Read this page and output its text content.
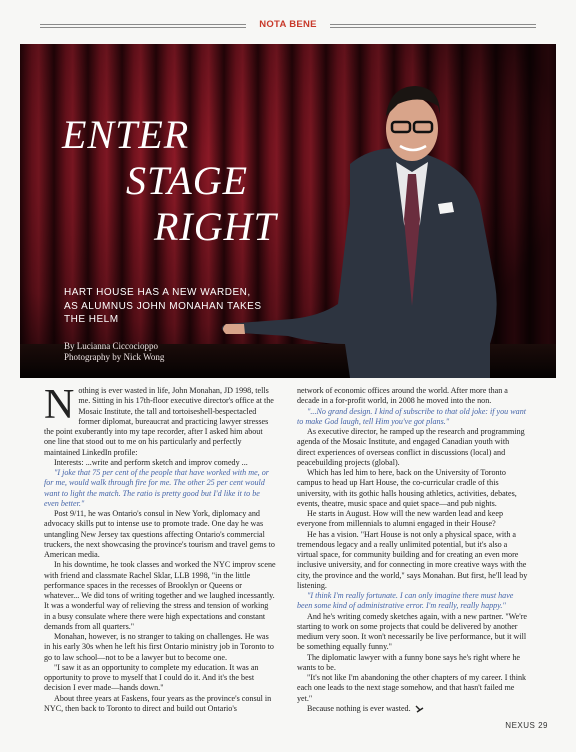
NOTA BENE
ENTER
STAGE
RIGHT
HART HOUSE HAS A NEW WARDEN, AS ALUMNUS JOHN MONAHAN TAKES THE HELM
By Lucianna Ciccocioppo
Photography by Nick Wong

Nothing is ever wasted in life, John Monahan, JD 1998, tells me. Sitting in his 17th-floor executive director's office at the Mosaic Institute, the tall and tortoiseshell-bespectacled former diplomat, bureaucrat and practicing lawyer stresses the point exuberantly into my tape recorder, after I asked him about one line that stood out to me on his particularly and perfectly maintained LinkedIn profile:

Interests: ...write and perform sketch and improv comedy ...

"I joke that 75 per cent of the people that have worked with me, or for me, would walk through fire for me. The other 25 per cent would want to light the match. The ratio is pretty good but I'd like it to be even better."

Post 9/11, he was Ontario's consul in New York, diplomacy and advocacy skills put to intense use to promote trade. One day he was untangling New Jersey tax questions affecting Ontario's commercial truckers, the next showcasing the province's tourism and travel gems to American media.

In his downtime, he took classes and worked the NYC improv scene with friend and classmate Rachel Sklar, LLB 1998, "in the little performance spaces in the recesses of Brooklyn or Queens or whatever... We did tons of writing together and we laughed incessantly. It was a wonderful way of relieving the stress and tension of working in a busy consulate where there were high expectations and constant demands from all quarters."

Monahan, however, is no stranger to taking on challenges. He was in his early 30s when he left his first Ontario ministry job in Toronto to go to law school—not to be a lawyer but to become one.

"I saw it as an opportunity to complete my education. It was an opportunity to prove to myself that I could do it. And it's the best decision I ever made—hands down."

About three years at Faskens, four years as the province's consul in NYC, then back to Toronto to direct and build out Ontario's

network of economic offices around the world. After more than a decade in a for-profit world, in 2008 he moved into the non.

"...No grand design. I kind of subscribe to that old joke: if you want to make God laugh, tell Him you've got plans."

As executive director, he ramped up the research and programming agenda of the Mosaic Institute, and engaged Canadian youth with direct experiences of overseas conflict in discussions (local) and peacebuilding projects (global).

Which has led him to here, back on the University of Toronto campus to head up Hart House, the co-curricular cradle of this university, with its gothic halls housing athletics, activities, debates, events, theatre, music space and quiet space—and pub nights.

He starts in August. How will the new warden lead and keep everyone from millennials to alumni engaged in their House?

He has a vision. "Hart House is not only a physical space, with a tremendous legacy and a really unlimited potential, but it's also a virtual space, for community building and for creating an even more inclusive university, and for connecting in more creative ways with the city, the province and the world," says Monahan. But first, he'll lead by listening.

"I think I'm really fortunate. I can only imagine there must have been some kind of administrative error. I'm really, really happy."

And he's writing comedy sketches again, with a new partner. "We're starting to work on some projects that could be delivered by another medium very soon. It won't necessarily be live performance, but it will be something equally funny."

The diplomatic lawyer with a funny bone says he's right where he wants to be.

"It's not like I'm abandoning the other chapters of my career. I think each one leads to the next stage somehow, and that hasn't failed me yet."

Because nothing is ever wasted.

NEXUS 29
